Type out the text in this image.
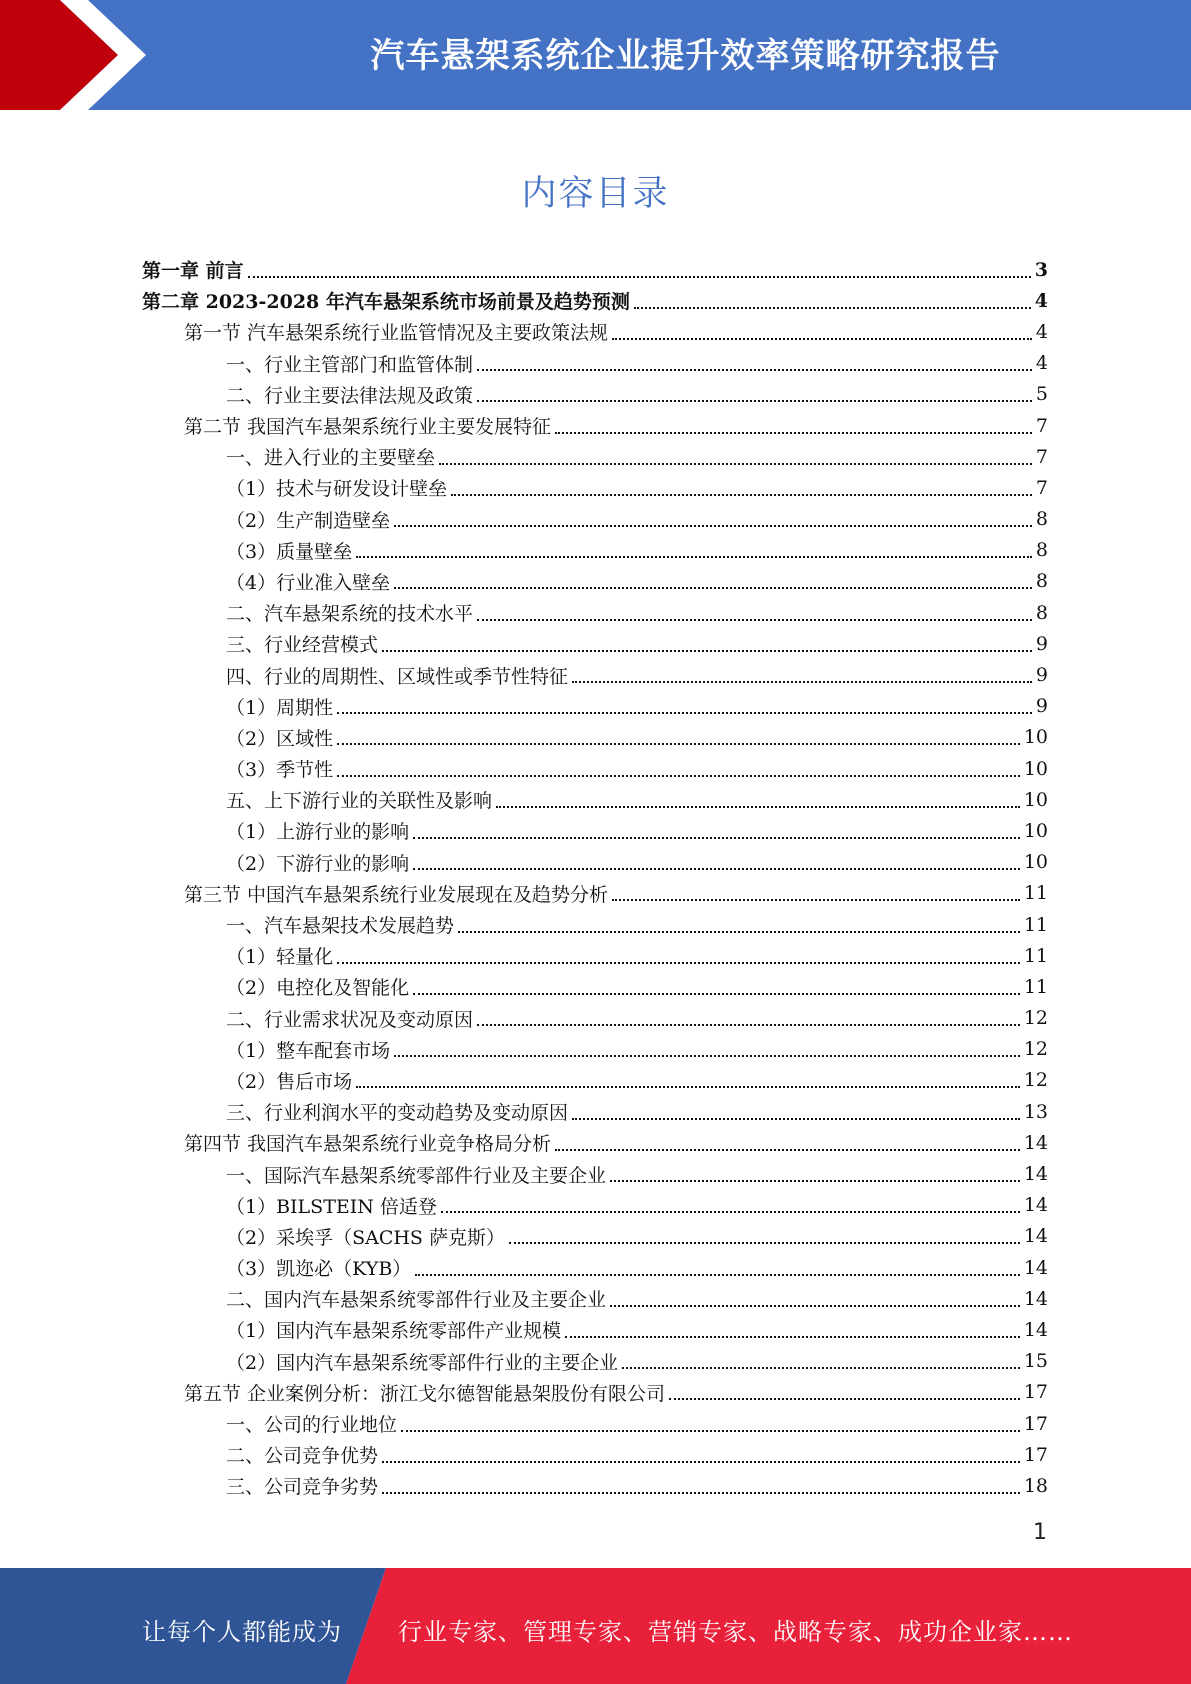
汽车悬架系统企业提升效率策略研究报告
内容目录
第一章 前言	3
第二章 2023-2028 年汽车悬架系统市场前景及趋势预测	4
第一节 汽车悬架系统行业监管情况及主要政策法规	4
一、行业主管部门和监管体制	4
二、行业主要法律法规及政策	5
第二节 我国汽车悬架系统行业主要发展特征	7
一、进入行业的主要壁垒	7
（1）技术与研发设计壁垒	7
（2）生产制造壁垒	8
（3）质量壁垒	8
（4）行业准入壁垒	8
二、汽车悬架系统的技术水平	8
三、行业经营模式	9
四、行业的周期性、区域性或季节性特征	9
（1）周期性	9
（2）区域性	10
（3）季节性	10
五、上下游行业的关联性及影响	10
（1）上游行业的影响	10
（2）下游行业的影响	10
第三节 中国汽车悬架系统行业发展现在及趋势分析	11
一、汽车悬架技术发展趋势	11
（1）轻量化	11
（2）电控化及智能化	11
二、行业需求状况及变动原因	12
（1）整车配套市场	12
（2）售后市场	12
三、行业利润水平的变动趋势及变动原因	13
第四节 我国汽车悬架系统行业竞争格局分析	14
一、国际汽车悬架系统零部件行业及主要企业	14
（1）BILSTEIN 倍适登	14
（2）采埃孚（SACHS 萨克斯）	14
（3）凯迩必（KYB）	14
二、国内汽车悬架系统零部件行业及主要企业	14
（1）国内汽车悬架系统零部件产业规模	14
（2）国内汽车悬架系统零部件行业的主要企业	15
第五节 企业案例分析：浙江戈尔德智能悬架股份有限公司	17
一、公司的行业地位	17
二、公司竞争优势	17
三、公司竞争劣势	18
1
让每个人都能成为 行业专家、管理专家、营销专家、战略专家、成功企业家……
